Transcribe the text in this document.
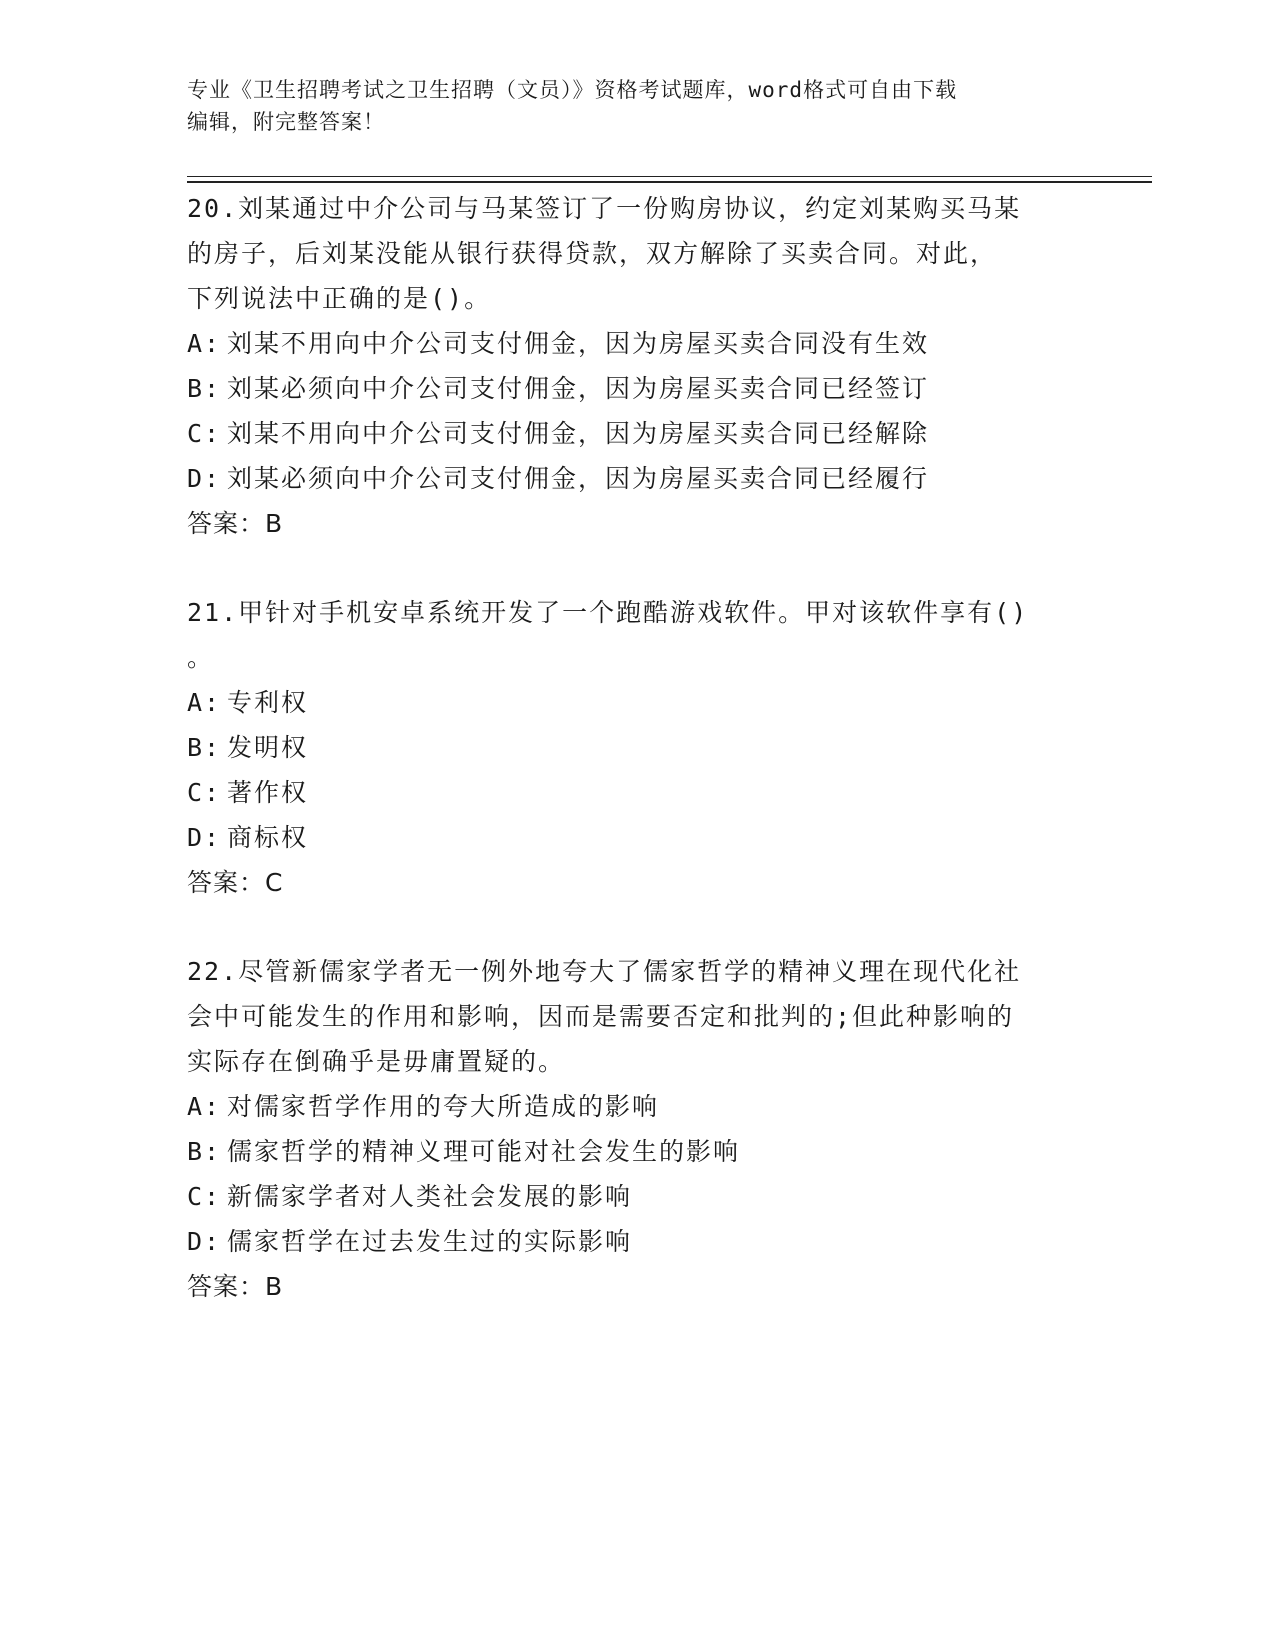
专业《卫生招聘考试之卫生招聘（文员）》资格考试题库，word格式可自由下载
编辑，附完整答案！

20.刘某通过中介公司与马某签订了一份购房协议，约定刘某购买马某

的房子，后刘某没能从银行获得贷款，双方解除了买卖合同。对此，

下列说法中正确的是()。

A: 刘某不用向中介公司支付佣金，因为房屋买卖合同没有生效

B: 刘某必须向中介公司支付佣金，因为房屋买卖合同已经签订

C: 刘某不用向中介公司支付佣金，因为房屋买卖合同已经解除

D: 刘某必须向中介公司支付佣金，因为房屋买卖合同已经履行

答案：B

21.甲针对手机安卓系统开发了一个跑酷游戏软件。甲对该软件享有()

。

A: 专利权

B: 发明权

C: 著作权

D: 商标权

答案：C

22.尽管新儒家学者无一例外地夸大了儒家哲学的精神义理在现代化社

会中可能发生的作用和影响，因而是需要否定和批判的;但此种影响的

实际存在倒确乎是毋庸置疑的。

A: 对儒家哲学作用的夸大所造成的影响

B: 儒家哲学的精神义理可能对社会发生的影响

C: 新儒家学者对人类社会发展的影响

D: 儒家哲学在过去发生过的实际影响

答案：B
